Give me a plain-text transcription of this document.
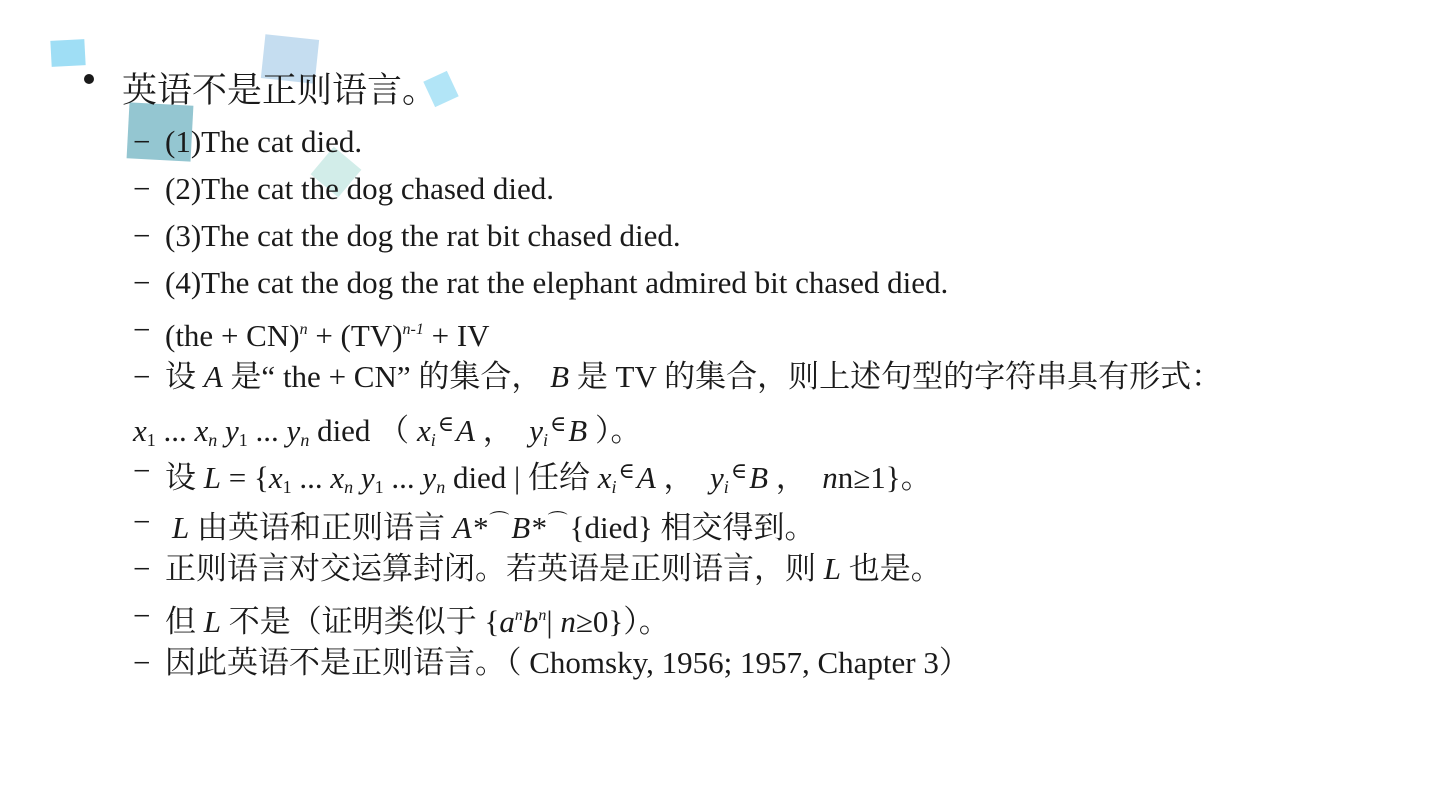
英语不是正则语言。
− (1)The cat died.
− (2)The cat the dog chased died.
− (3)The cat the dog the rat bit chased died.
− (4)The cat the dog the rat the elephant admired bit chased died.
− (the + CN)$^n$ + (TV)$^{n-1}$ + IV
− 设 A 是“ the + CN” 的集合， B 是 TV 的集合，则上述句型的字符串具有形式：
$x_1$ ... $x_n$ $y_1$ ... $y_n$ died （ $x_i^\in A$ ， $y_i^\in B$ ）。
− 设 $L = \{x_1$ ... $x_n$ $y_1$ ... $y_n$ died | 任给 $x_i^\in A$ ， $y_i^\in B$ ， nn≥1}。
− L 由英语和正则语言 A* ⌒B* ⌒{died} 相交得到。
− 正则语言对交运算封闭。若英语是正则语言，则 L 也是。
− 但 L 不是（证明类似于 {$a^nb^n|$ n≥0}）。
− 因此英语不是正则语言。（ Chomsky, 1956; 1957, Chapter 3）
